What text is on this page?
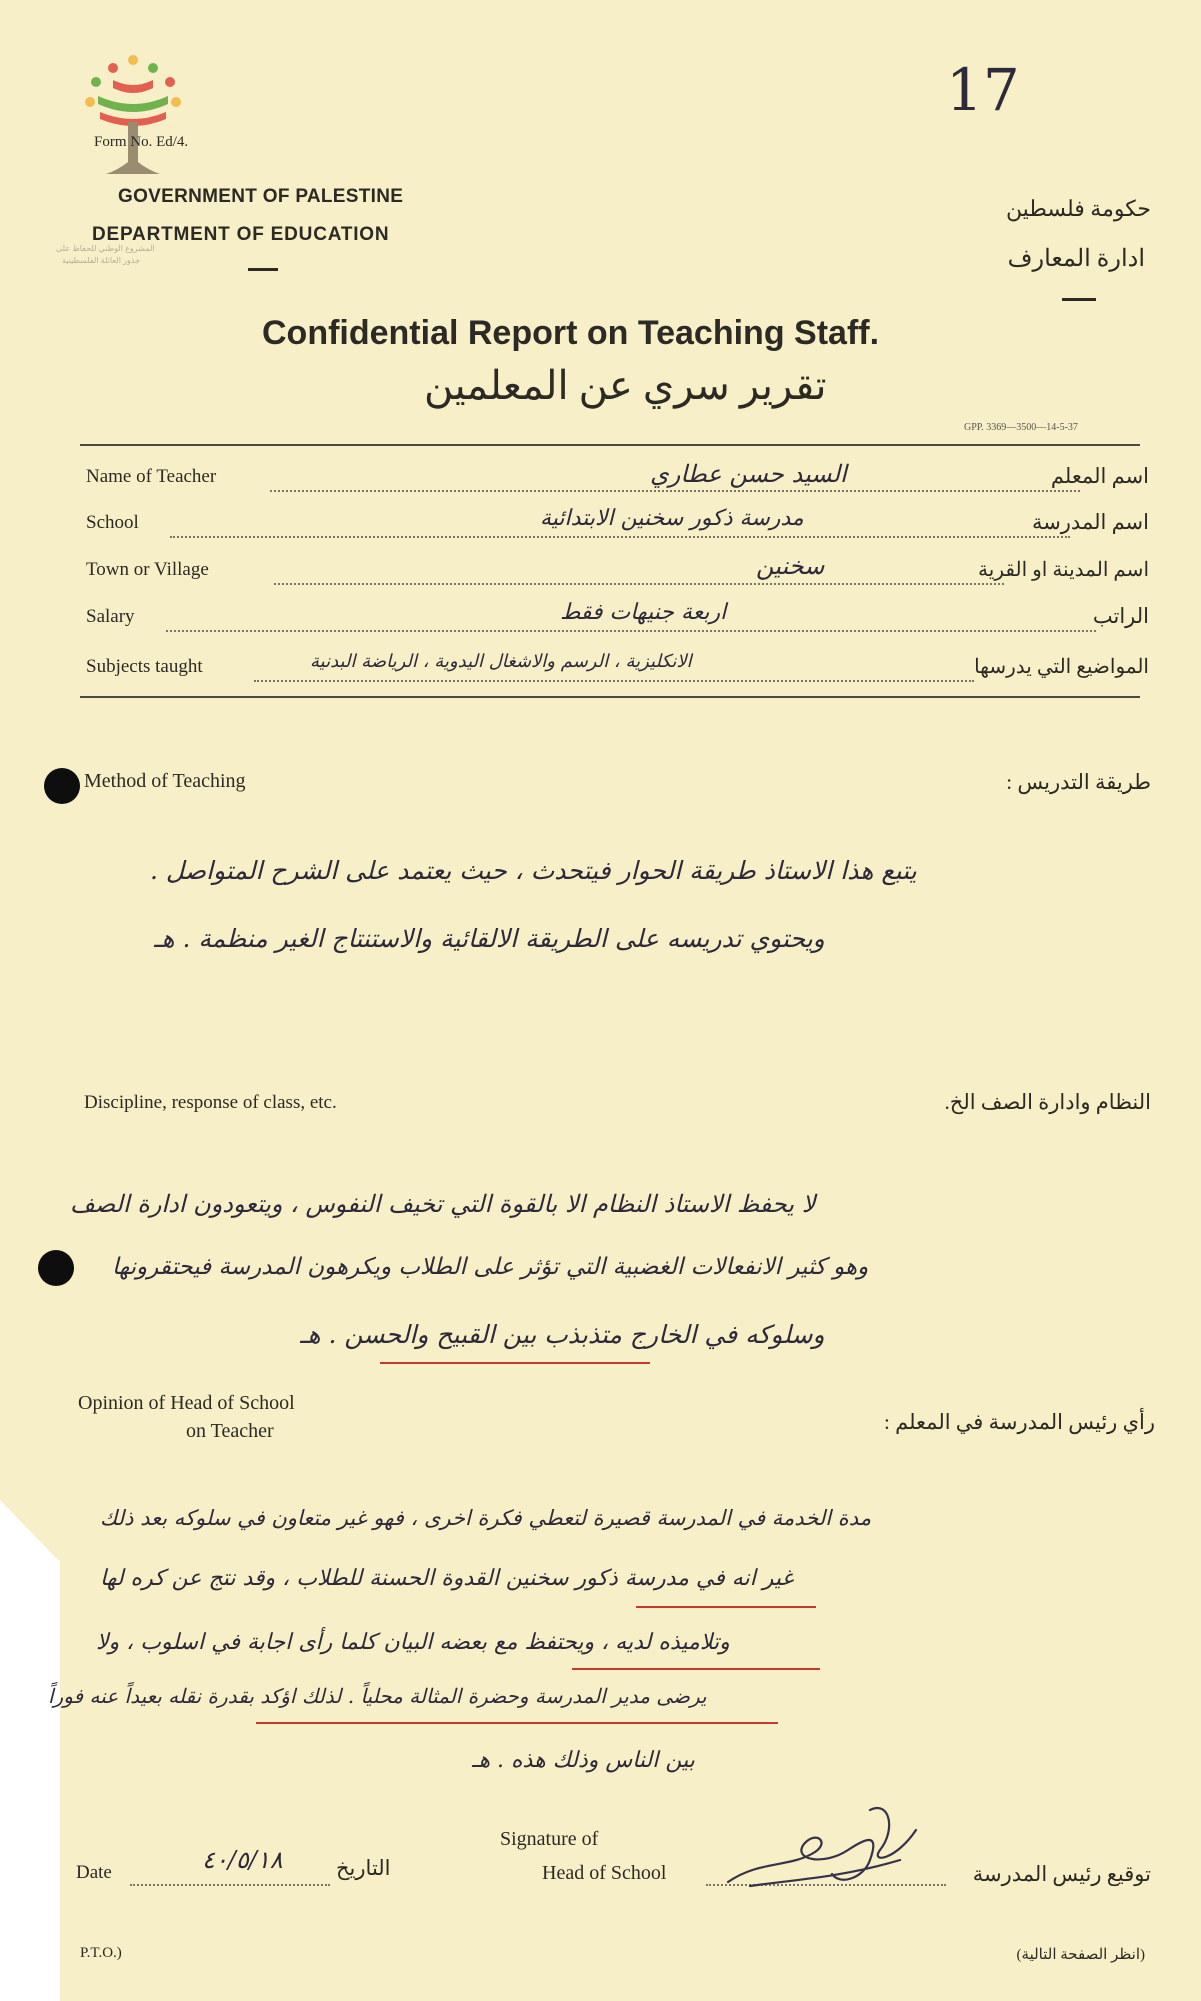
17
المشروع الوطني للحفاظ على
جذور العائلة الفلسطينية
Form No. Ed/4.
GOVERNMENT OF PALESTINE
DEPARTMENT OF EDUCATION
حكومة فلسطين
ادارة المعارف
Confidential Report on Teaching Staff.
تقرير سري عن المعلمين
GPP. 3369—3500—14-5-37
Name of Teacher	السيد حسن عطاري	اسم المعلم
School	مدرسة ذكور سخنين الابتدائية	اسم المدرسة
Town or Village	سخنين	اسم المدينة او القرية
Salary	اربعة جنيهات فقط	الراتب
Subjects taught	الانكليزية ، الرسم والاشغال اليدوية ، الرياضة البدنية	المواضيع التي يدرسها
Method of Teaching	طريقة التدريس :
يتبع هذا الاستاذ طريقة الحوار فيتحدث ، حيث يعتمد على الشرح المتواصل .
ويحتوي تدريسه على الطريقة الالقائية والاستنتاج الغير منظمة . هـ
Discipline, response of class, etc.	النظام وادارة الصف الخ.
لا يحفظ الاستاذ النظام الا بالقوة التي تخيف النفوس ، ويتعودون ادارة الصف
وهو كثير الانفعالات الغضبية التي تؤثر على الطلاب ويكرهون المدرسة فيحتقرونها
وسلوكه في الخارج متذبذب بين القبيح والحسن . هـ
Opinion of Head of School
on Teacher	رأي رئيس المدرسة في المعلم :
مدة الخدمة في المدرسة قصيرة لتعطي فكرة اخرى ، فهو غير متعاون في سلوكه بعد ذلك
غير انه في مدرسة ذكور سخنين القدوة الحسنة للطلاب ، وقد نتج عن كره لها
وتلاميذه لديه ، ويحتفظ مع بعضه البيان كلما رأى اجابة في اسلوب ، ولا
يرضى مدير المدرسة وحضرة المثالة محلياً . لذلك اؤكد بقدرة نقله بعيداً عنه فوراً
بين الناس وذلك هذه . هـ
Date	٤٠/٥/١٨	التاريخ
Signature of
Head of School	توقيع رئيس المدرسة
P.T.O.)	(انظر الصفحة التالية)
